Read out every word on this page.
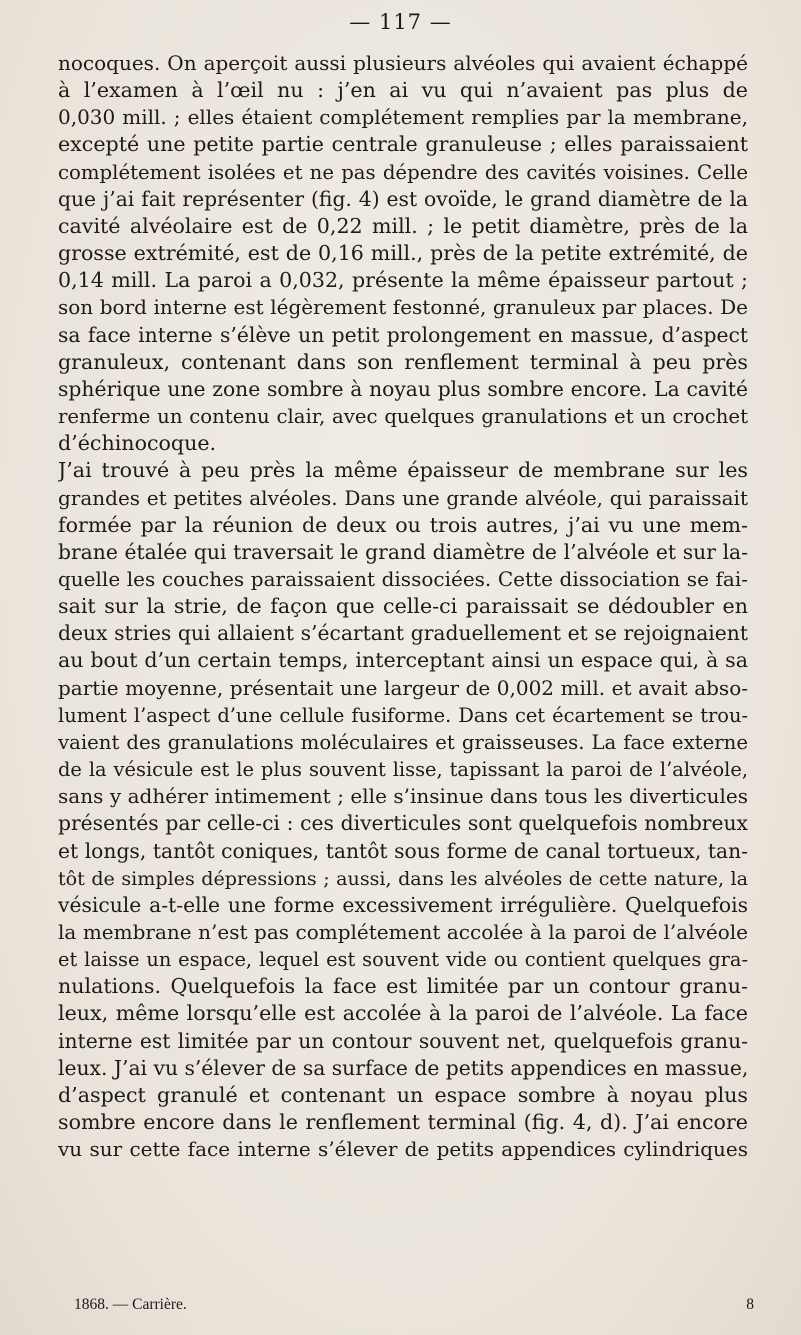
— 117 —

nocoques. On aperçoit aussi plusieurs alvéoles qui avaient échappé

à l’examen à l’œil nu : j’en ai vu qui n’avaient pas plus de

0,030 mill. ; elles étaient complétement remplies par la membrane,

excepté une petite partie centrale granuleuse ; elles paraissaient

complétement isolées et ne pas dépendre des cavités voisines. Celle

que j’ai fait représenter (fig. 4) est ovoïde, le grand diamètre de la

cavité alvéolaire est de 0,22 mill. ; le petit diamètre, près de la

grosse extrémité, est de 0,16 mill., près de la petite extrémité, de

0,14 mill. La paroi a 0,032, présente la même épaisseur partout ;

son bord interne est légèrement festonné, granuleux par places. De

sa face interne s’élève un petit prolongement en massue, d’aspect

granuleux, contenant dans son renflement terminal à peu près

sphérique une zone sombre à noyau plus sombre encore. La cavité

renferme un contenu clair, avec quelques granulations et un crochet

d’échinocoque.

J’ai trouvé à peu près la même épaisseur de membrane sur les

grandes et petites alvéoles. Dans une grande alvéole, qui paraissait

formée par la réunion de deux ou trois autres, j’ai vu une mem-

brane étalée qui traversait le grand diamètre de l’alvéole et sur la-

quelle les couches paraissaient dissociées. Cette dissociation se fai-

sait sur la strie, de façon que celle-ci paraissait se dédoubler en

deux stries qui allaient s’écartant graduellement et se rejoignaient

au bout d’un certain temps, interceptant ainsi un espace qui, à sa

partie moyenne, présentait une largeur de 0,002 mill. et avait abso-

lument l’aspect d’une cellule fusiforme. Dans cet écartement se trou-

vaient des granulations moléculaires et graisseuses. La face externe

de la vésicule est le plus souvent lisse, tapissant la paroi de l’alvéole,

sans y adhérer intimement ; elle s’insinue dans tous les diverticules

présentés par celle-ci : ces diverticules sont quelquefois nombreux

et longs, tantôt coniques, tantôt sous forme de canal tortueux, tan-

tôt de simples dépressions ; aussi, dans les alvéoles de cette nature, la

vésicule a-t-elle une forme excessivement irrégulière. Quelquefois

la membrane n’est pas complétement accolée à la paroi de l’alvéole

et laisse un espace, lequel est souvent vide ou contient quelques gra-

nulations. Quelquefois la face est limitée par un contour granu-

leux, même lorsqu’elle est accolée à la paroi de l’alvéole. La face

interne est limitée par un contour souvent net, quelquefois granu-

leux. J’ai vu s’élever de sa surface de petits appendices en massue,

d’aspect granulé et contenant un espace sombre à noyau plus

sombre encore dans le renflement terminal (fig. 4, d). J’ai encore

vu sur cette face interne s’élever de petits appendices cylindriques

1868. — Carrière.	8
